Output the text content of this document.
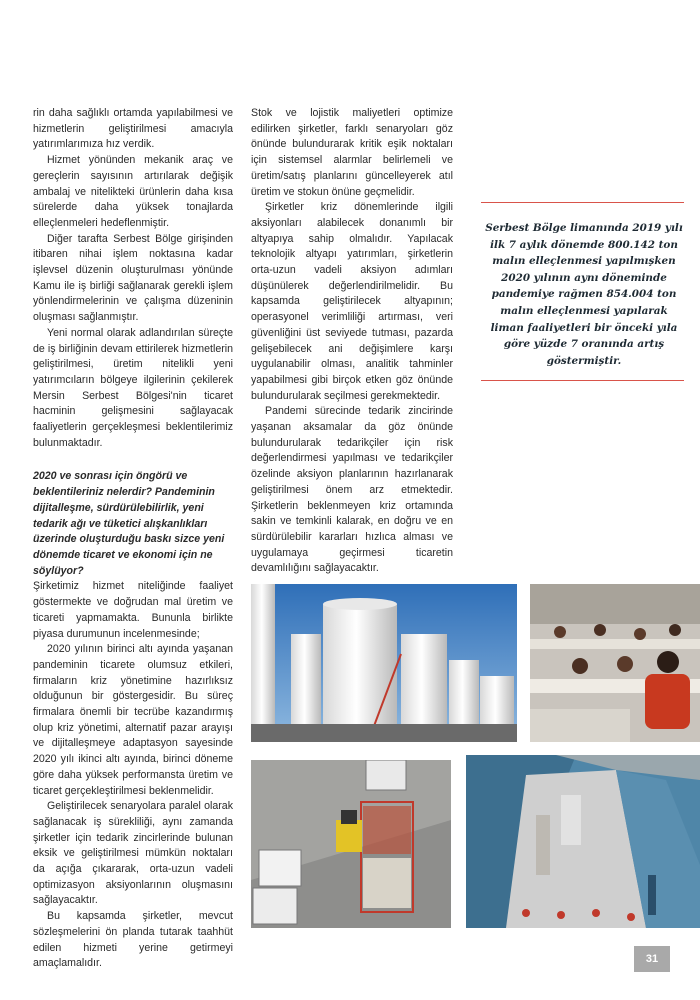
rin daha sağlıklı ortamda yapılabilmesi ve hizmetlerin geliştirilmesi amacıyla yatırımlarımıza hız verdik.

Hizmet yönünden mekanik araç ve gereçlerin sayısının artırılarak değişik ambalaj ve nitelikteki ürünlerin daha kısa sürelerde daha yüksek tonajlarda elleçlenmeleri hedeflenmiştir.

Diğer tarafta Serbest Bölge girişinden itibaren nihai işlem noktasına kadar işlevsel düzenin oluşturulması yönünde Kamu ile iş birliği sağlanarak gerekli işlem yönlendirmelerinin ve çalışma düzeninin oluşması sağlanmıştır.

Yeni normal olarak adlandırılan süreçte de iş birliğinin devam ettirilerek hizmetlerin geliştirilmesi, üretim nitelikli yeni yatırımcıların bölgeye ilgilerinin çekilerek Mersin Serbest Bölgesi'nin ticaret hacminin gelişmesini sağlayacak faaliyetlerin gerçekleşmesi beklentilerimiz bulunmaktadır.

2020 ve sonrası için öngörü ve beklentileriniz nelerdir? Pandeminin dijitalleşme, sürdürülebilirlik, yeni tedarik ağı ve tüketici alışkanlıkları üzerinde oluşturduğu baskı sizce yeni dönemde ticaret ve ekonomi için ne söylüyor?

Şirketimiz hizmet niteliğinde faaliyet göstermekte ve doğrudan mal üretim ve ticareti yapmamakta. Bununla birlikte piyasa durumunun incelenmesinde;

2020 yılının birinci altı ayında yaşanan pandeminin ticarete olumsuz etkileri, firmaların kriz yönetimine hazırlıksız olduğunun bir göstergesidir. Bu süreç firmalara önemli bir tecrübe kazandırmış olup kriz yönetimi, alternatif pazar arayışı ve dijitalleşmeye adaptasyon sayesinde 2020 yılı ikinci altı ayında, birinci döneme göre daha yüksek performansta üretim ve ticaret gerçekleştirilmesi beklenmelidir.

Geliştirilecek senaryolara paralel olarak sağlanacak iş sürekliliği, aynı zamanda şirketler için tedarik zincirlerinde bulunan eksik ve geliştirilmesi mümkün noktaları da açığa çıkararak, orta-uzun vadeli optimizasyon aksiyonlarının oluşmasını sağlayacaktır.

Bu kapsamda şirketler, mevcut sözleşmelerini ön planda tutarak taahhüt edilen hizmeti yerine getirmeyi amaçlamalıdır.

Stok ve lojistik maliyetleri optimize edilirken şirketler, farklı senaryoları göz önünde bulundurarak kritik eşik noktaları için sistemsel alarmlar belirlemeli ve üretim/satış planlarını güncelleyerek atıl üretim ve stokun önüne geçmelidir.

Şirketler kriz dönemlerinde ilgili aksiyonları alabilecek donanımlı bir altyapıya sahip olmalıdır. Yapılacak teknolojik altyapı yatırımları, şirketlerin orta-uzun vadeli aksiyon adımları düşünülerek değerlendirilmelidir. Bu kapsamda geliştirilecek altyapının; operasyonel verimliliği artırması, veri güvenliğini üst seviyede tutması, pazarda gelişebilecek ani değişimlere karşı uygulanabilir olması, analitik tahminler yapabilmesi gibi birçok etken göz önünde bulundurularak seçilmesi gerekmektedir.

Pandemi sürecinde tedarik zincirinde yaşanan aksamalar da göz önünde bulundurularak tedarikçiler için risk değerlendirmesi yapılması ve tedarikçiler özelinde aksiyon planlarının hazırlanarak geliştirilmesi önem arz etmektedir. Şirketlerin beklenmeyen kriz ortamında sakin ve temkinli kalarak, en doğru ve en sürdürülebilir kararları hızlıca alması ve uygulamaya geçirmesi ticaretin devamlılığını sağlayacaktır.

Serbest Bölge limanında 2019 yılı ilk 7 aylık dönemde 800.142 ton malın elleçlenmesi yapılmışken 2020 yılının aynı döneminde pandemiye rağmen 854.004 ton malın elleçlenmesi yapılarak liman faaliyetleri bir önceki yıla göre yüzde 7 oranında artış göstermiştir.
31
